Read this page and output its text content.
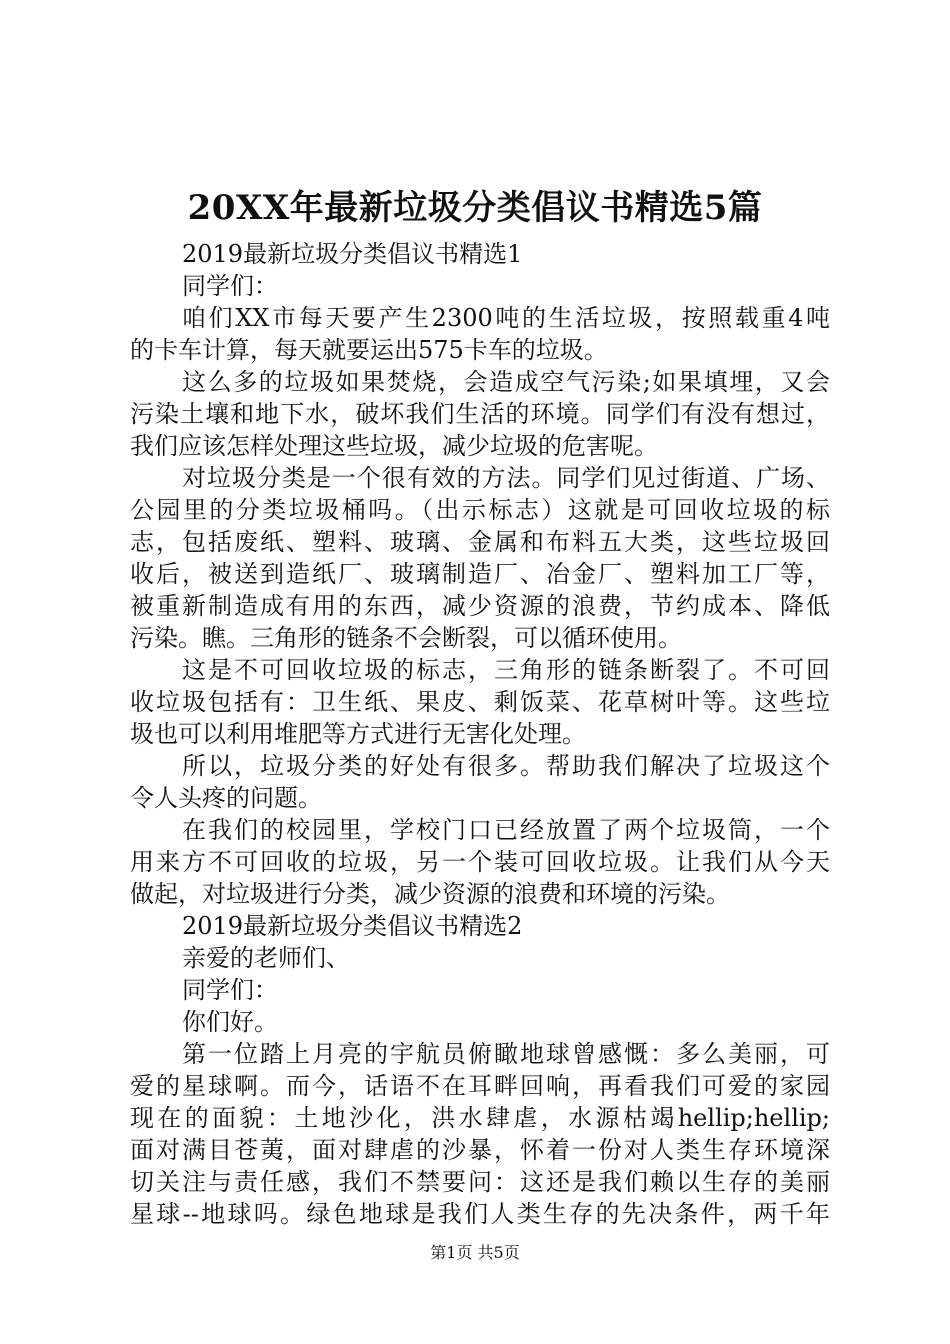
20XX年最新垃圾分类倡议书精选5篇
2019最新垃圾分类倡议书精选1
同学们：
咱们XX市每天要产生2300吨的生活垃圾，按照载重4吨
的卡车计算，每天就要运出575卡车的垃圾。
这么多的垃圾如果焚烧，会造成空气污染;如果填埋，又会
污染土壤和地下水，破坏我们生活的环境。同学们有没有想过，
我们应该怎样处理这些垃圾，减少垃圾的危害呢。
对垃圾分类是一个很有效的方法。同学们见过街道、广场、
公园里的分类垃圾桶吗。（出示标志）这就是可回收垃圾的标
志，包括废纸、塑料、玻璃、金属和布料五大类，这些垃圾回
收后，被送到造纸厂、玻璃制造厂、冶金厂、塑料加工厂等，
被重新制造成有用的东西，减少资源的浪费，节约成本、降低
污染。瞧。三角形的链条不会断裂，可以循环使用。
这是不可回收垃圾的标志，三角形的链条断裂了。不可回
收垃圾包括有：卫生纸、果皮、剩饭菜、花草树叶等。这些垃
圾也可以利用堆肥等方式进行无害化处理。
所以，垃圾分类的好处有很多。帮助我们解决了垃圾这个
令人头疼的问题。
在我们的校园里，学校门口已经放置了两个垃圾筒，一个
用来方不可回收的垃圾，另一个装可回收垃圾。让我们从今天
做起，对垃圾进行分类，减少资源的浪费和环境的污染。
2019最新垃圾分类倡议书精选2
亲爱的老师们、
同学们：
你们好。
第一位踏上月亮的宇航员俯瞰地球曾感慨：多么美丽，可
爱的星球啊。而今，话语不在耳畔回响，再看我们可爱的家园
现在的面貌：土地沙化，洪水肆虐，水源枯竭hellip;hellip;
面对满目苍荑，面对肆虐的沙暴，怀着一份对人类生存环境深
切关注与责任感，我们不禁要问：这还是我们赖以生存的美丽
星球--地球吗。绿色地球是我们人类生存的先决条件，两千年
第1页 共5页
